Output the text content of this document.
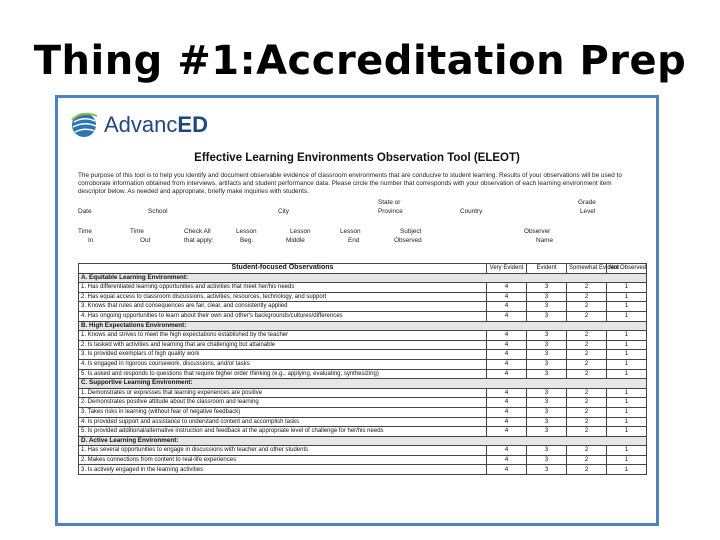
Thing #1:Accreditation Prep
AdvancED
Effective Learning Environments Observation Tool (ELEOT)
The purpose of this tool is to help you identify and document observable evidence of classroom environments that are conducive to student learning. Results of your observations will be used to corroborate information obtained from interviews, artifacts and student performance data. Please circle the number that corresponds with your observation of each learning environment item descriptor below. As needed and appropriate, briefly make inquiries with students.
Date	School	City
State or
Province	Country
Grade
Level
Time
In
Time
Out
Check All
that apply:
Lesson
Beg.
Lesson
Middle
Lesson
End
Subject
Observed
Observer
Name
Student-focused Observations	Very Evident	Evident	Somewhat Evident	Not Observed
A. Equitable Learning Environment:				
1. Has differentiated learning opportunities and activities that meet her/his needs	4	3	2	1
2. Has equal access to classroom discussions, activities, resources, technology, and support	4	3	2	1
3. Knows that rules and consequences are fair, clear, and consistently applied	4	3	2	1
4. Has ongoing opportunities to learn about their own and other's backgrounds/cultures/differences	4	3	2	1
B. High Expectations Environment:				
1. Knows and strives to meet the high expectations established by the teacher	4	3	2	1
2. Is tasked with activities and learning that are challenging but attainable	4	3	2	1
3. Is provided exemplars of high quality work	4	3	2	1
4. Is engaged in rigorous coursework, discussions, and/or tasks	4	3	2	1
5. Is asked and responds to questions that require higher order thinking (e.g., applying, evaluating, synthesizing)	4	3	2	1
C. Supportive Learning Environment:				
1. Demonstrates or expresses that learning experiences are positive	4	3	2	1
2. Demonstrates positive attitude about the classroom and learning	4	3	2	1
3. Takes risks in learning (without fear of negative feedback)	4	3	2	1
4. Is provided support and assistance to understand content and accomplish tasks	4	3	2	1
5. Is provided additional/alternative instruction and feedback at the appropriate level of challenge for her/his needs	4	3	2	1
D. Active Learning Environment:				
1. Has several opportunities to engage in discussions with teacher and other students	4	3	2	1
2. Makes connections from content to real-life experiences	4	3	2	1
3. Is actively engaged in the learning activities	4	3	2	1
